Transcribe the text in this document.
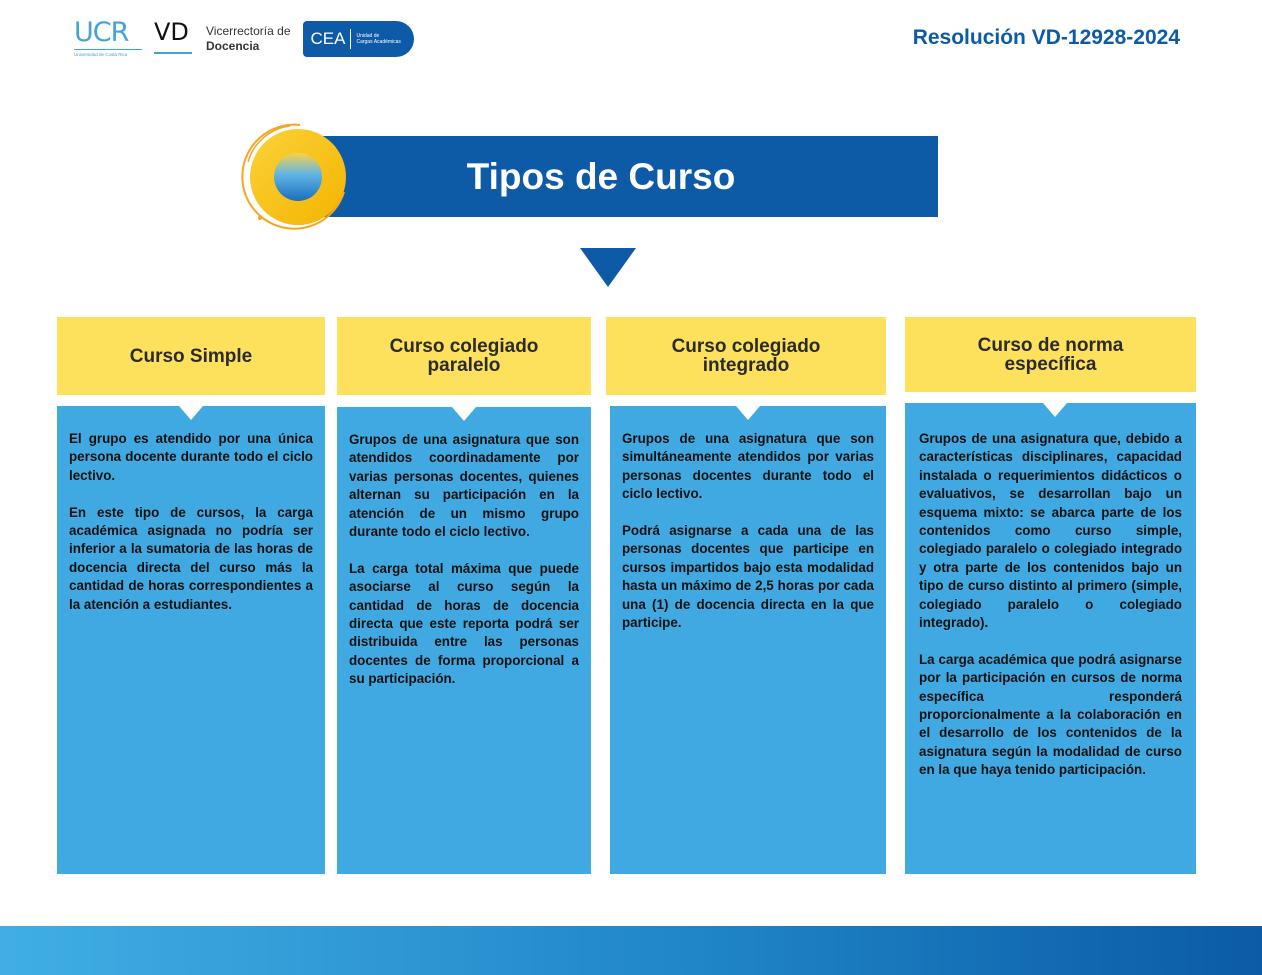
UCR
Universidad de Costa Rica
VD	Vicerrectoría de
Docencia	CEA	Unidad de
Cargas Académicas	Resolución VD-12928-2024
Tipos de Curso
Curso Simple

El grupo es atendido por una única persona docente durante todo el ciclo lectivo.

En este tipo de cursos, la carga académica asignada no podría ser inferior a la sumatoria de las horas de docencia directa del curso más la cantidad de horas correspondientes a la atención a estudiantes.

Curso colegiado
paralelo

Grupos de una asignatura que son atendidos coordinadamente por varias personas docentes, quienes alternan su participación en la atención de un mismo grupo durante todo el ciclo lectivo.

La carga total máxima que puede asociarse al curso según la cantidad de horas de docencia directa que este reporta podrá ser distribuida entre las personas docentes de forma proporcional a su participación.

Curso colegiado
integrado

Grupos de una asignatura que son simultáneamente atendidos por varias personas docentes durante todo el ciclo lectivo.

Podrá asignarse a cada una de las personas docentes que participe en cursos impartidos bajo esta modalidad hasta un máximo de 2,5 horas por cada una (1) de docencia directa en la que participe.

Curso de norma
específica

Grupos de una asignatura que, debido a características disciplinares, capacidad instalada o requerimientos didácticos o evaluativos, se desarrollan bajo un esquema mixto: se abarca parte de los contenidos como curso simple, colegiado paralelo o colegiado integrado y otra parte de los contenidos bajo un tipo de curso distinto al primero (simple, colegiado paralelo o colegiado integrado).

La carga académica que podrá asignarse por la participación en cursos de norma específica responderá proporcionalmente a la colaboración en el desarrollo de los contenidos de la asignatura según la modalidad de curso en la que haya tenido participación.
